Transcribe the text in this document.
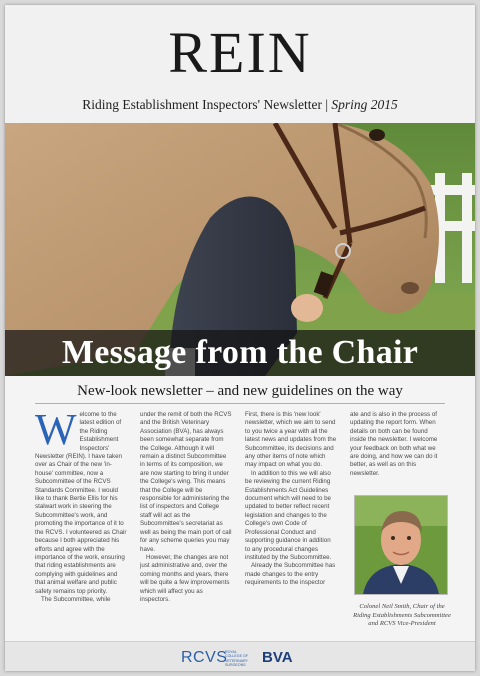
REIN
Riding Establishment Inspectors' Newsletter | Spring 2015
Message from the Chair
New-look newsletter – and new guidelines on the way
W elcome to the latest edition of the Riding Establishment Inspectors' Newsletter (REIN). I have taken over as Chair of the new 'in-house' committee, now a Subcommittee of the RCVS Standards Committee. I would like to thank Bertie Ellis for his stalwart work in steering the Subcommittee's work, and promoting the importance of it to the RCVS. I volunteered as Chair because I both appreciated his efforts and agree with the importance of the work, ensuring that riding establishments are complying with guidelines and that animal welfare and public safety remains top priority.

The Subcommittee, while

under the remit of both the RCVS and the British Veterinary Association (BVA), has always been somewhat separate from the College. Although it will remain a distinct Subcommittee in terms of its composition, we are now starting to bring it under the College's wing. This means that the College will be responsible for administering the list of inspectors and College staff will act as the Subcommittee's secretariat as well as being the main port of call for any scheme queries you may have.

However, the changes are not just administrative and, over the coming months and years, there will be quite a few improvements which will affect you as inspectors.

First, there is this 'new look' newsletter, which we aim to send to you twice a year with all the latest news and updates from the Subcommittee, its decisions and any other items of note which may impact on what you do.

In addition to this we will also be reviewing the current Riding Establishments Act Guidelines document which will need to be updated to better reflect recent legislation and changes to the College's own Code of Professional Conduct and supporting guidance in addition to any procedural changes instituted by the Subcommittee.

Already the Subcommittee has made changes to the entry requirements to the inspector

ate and is also in the process of updating the report form. When details on both can be found inside the newsletter. I welcome your feedback on both what we are doing, and how we can do it better, as well as on this newsletter.

Colonel Neil Smith, Chair of the Riding Establishments Subcommittee and RCVS Vice-President
RCVS
ROYAL COLLEGE OF VETERINARY SURGEONS	BVA
